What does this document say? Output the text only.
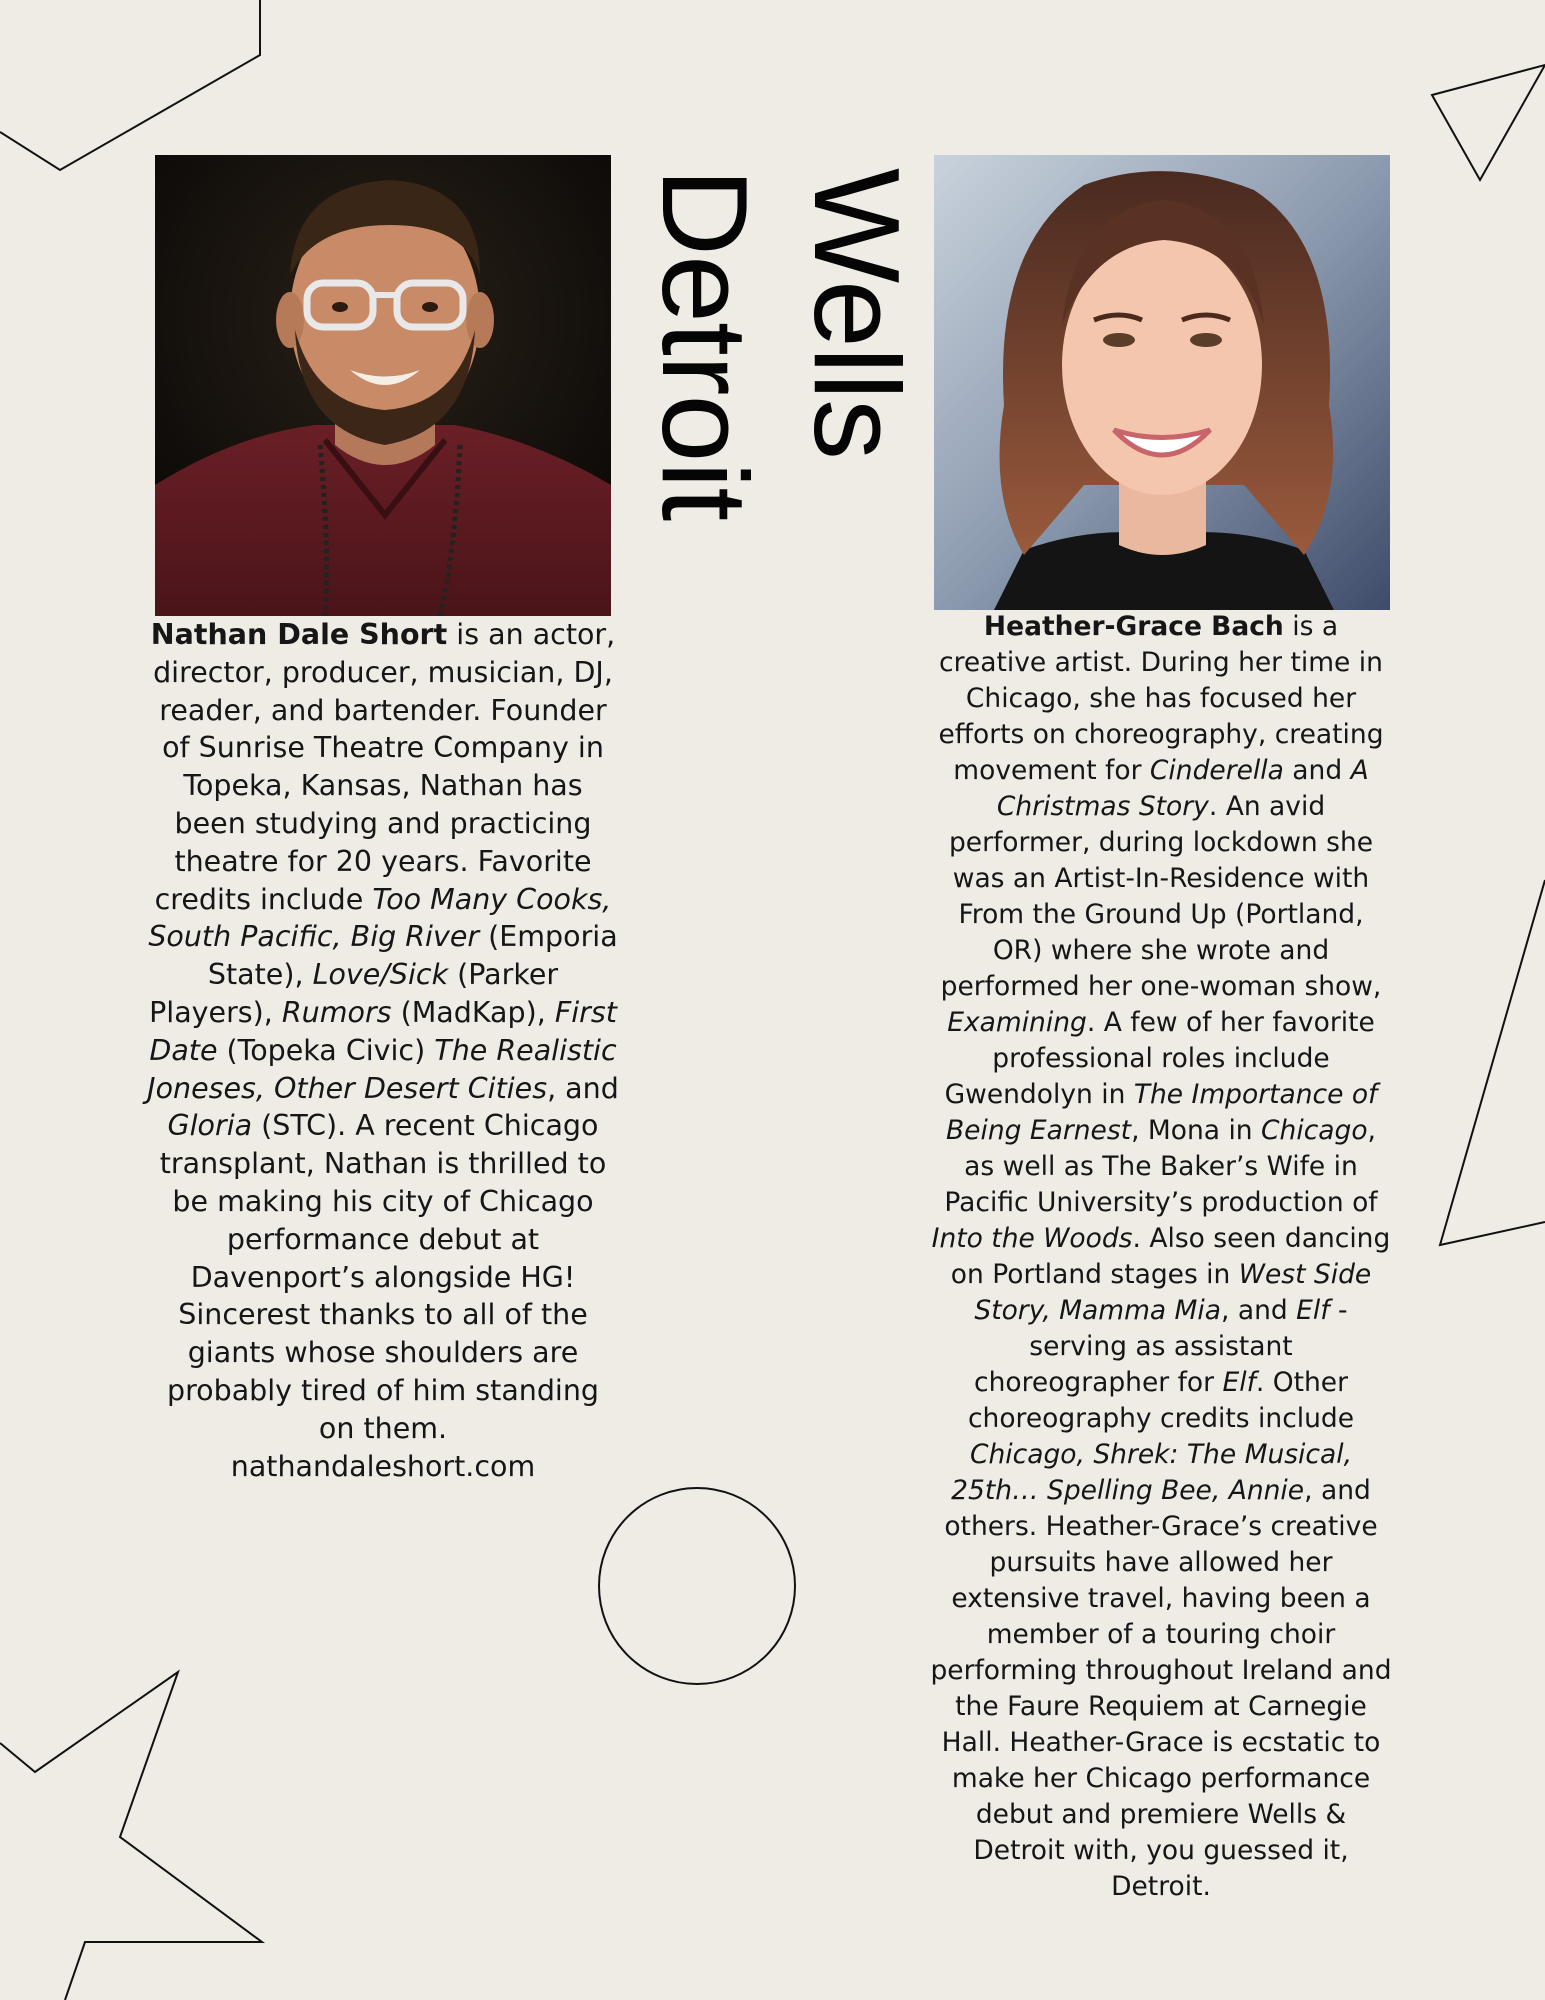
Wells
Detroit
Nathan Dale Short is an actor, director, producer, musician, DJ, reader, and bartender. Founder of Sunrise Theatre Company in Topeka, Kansas, Nathan has been studying and practicing theatre for 20 years. Favorite credits include Too Many Cooks, South Pacific, Big River (Emporia State), Love/Sick (Parker Players), Rumors (MadKap), First Date (Topeka Civic) The Realistic Joneses, Other Desert Cities, and Gloria (STC). A recent Chicago transplant, Nathan is thrilled to be making his city of Chicago performance debut at Davenport’s alongside HG! Sincerest thanks to all of the giants whose shoulders are probably tired of him standing on them.
nathandaleshort.com
Heather-Grace Bach is a creative artist. During her time in Chicago, she has focused her efforts on choreography, creating movement for Cinderella and A Christmas Story. An avid performer, during lockdown she was an Artist-In-Residence with From the Ground Up (Portland, OR) where she wrote and performed her one-woman show, Examining. A few of her favorite professional roles include Gwendolyn in The Importance of Being Earnest, Mona in Chicago, as well as The Baker’s Wife in Pacific University’s production of Into the Woods. Also seen dancing on Portland stages in West Side Story, Mamma Mia, and Elf - serving as assistant choreographer for Elf. Other choreography credits include Chicago, Shrek: The Musical, 25th… Spelling Bee, Annie, and others. Heather-Grace’s creative pursuits have allowed her extensive travel, having been a member of a touring choir performing throughout Ireland and the Faure Requiem at Carnegie Hall. Heather-Grace is ecstatic to make her Chicago performance debut and premiere Wells & Detroit with, you guessed it, Detroit.
